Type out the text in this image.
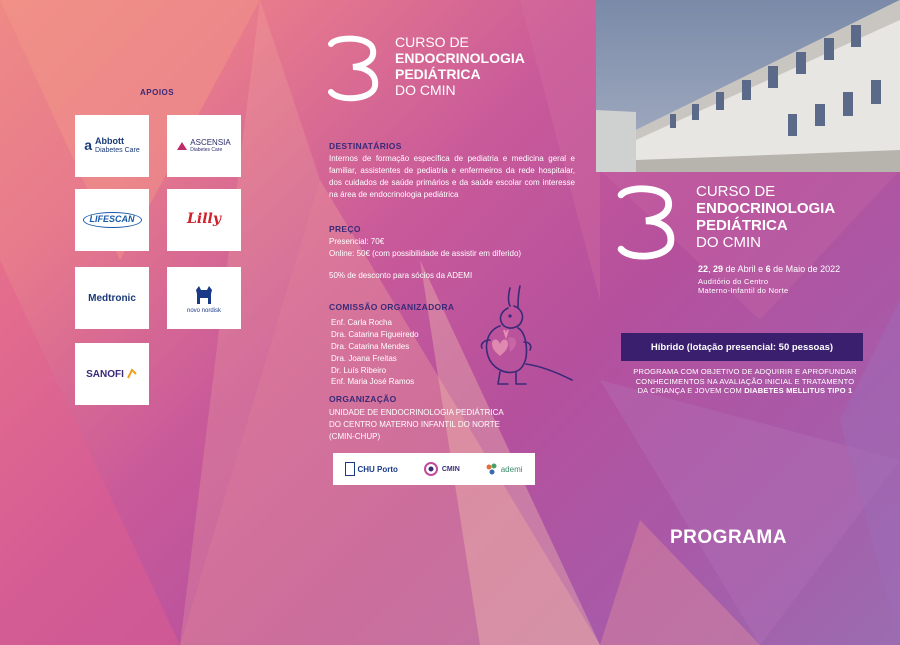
APOIOS
a Abbott
Diabetes Care
ASCENSIA
Diabetes Care
LIFESCAN	Lilly
Medtronic
novo nordisk
SANOFI
CURSO DE
ENDOCRINOLOGIA
PEDIÁTRICA
DO CMIN
DESTINATÁRIOS
Internos de formação específica de pediatria e medicina geral e familiar, assistentes de pediatria e enfermeiros da rede hospitalar, dos cuidados de saúde primários e da saúde escolar com interesse na área de endocrinologia pediátrica
PREÇO
Presencial: 70€
Online: 50€ (com possibilidade de assistir em diferido)
50% de desconto para sócios da ADEMI
COMISSÃO ORGANIZADORA
Enf. Carla Rocha
Dra. Catarina Figueiredo
Dra. Catarina Mendes
Dra. Joana Freitas
Dr. Luís Ribeiro
Enf. Maria José Ramos
ORGANIZAÇÃO
UNIDADE DE ENDOCRINOLOGIA PEDIÁTRICA
DO CENTRO MATERNO INFANTIL DO NORTE
(CMIN-CHUP)
CHU Porto	CMIN	ademi
CURSO DE
ENDOCRINOLOGIA
PEDIÁTRICA
DO CMIN
22, 29 de Abril e 6 de Maio de 2022
Auditório do Centro
Materno-Infantil do Norte
Híbrido (lotação presencial: 50 pessoas)
PROGRAMA COM OBJETIVO DE ADQUIRIR E APROFUNDAR
CONHECIMENTOS NA AVALIAÇÃO INICIAL E TRATAMENTO
DA CRIANÇA E JOVEM COM DIABETES MELLITUS TIPO 1
PROGRAMA
